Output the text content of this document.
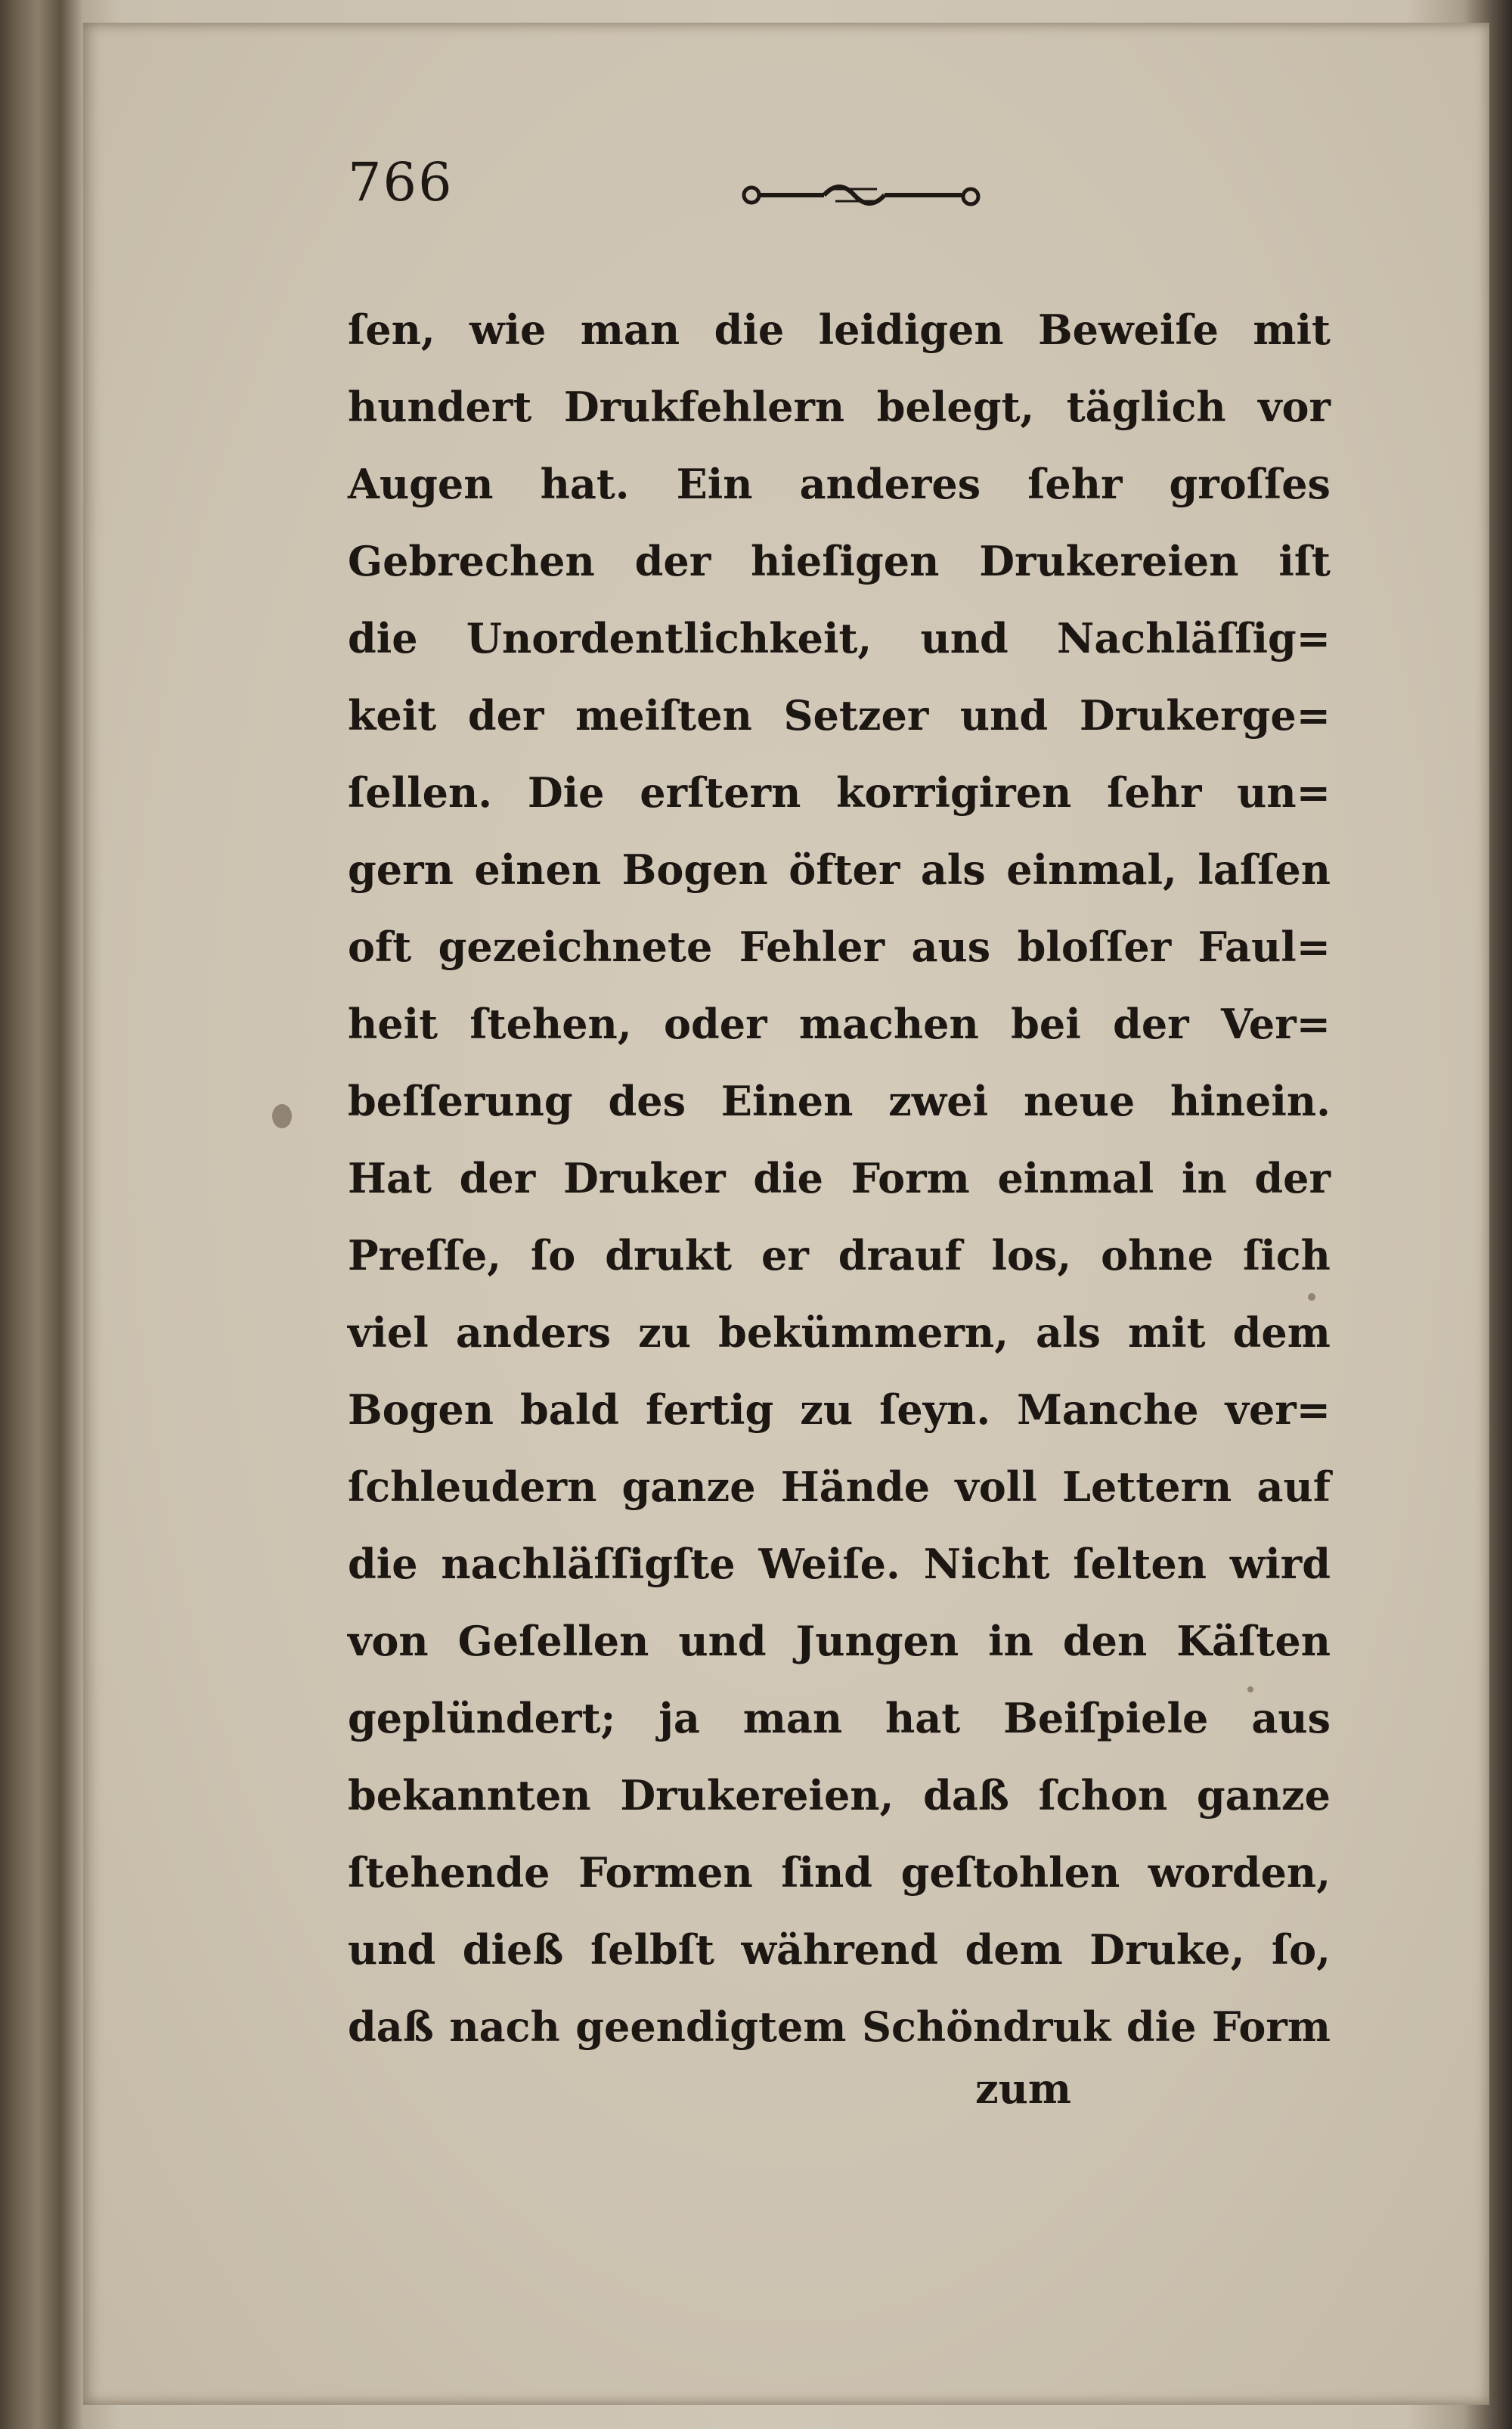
766
ſen, wie man die leidigen Beweiſe mit
hundert Drukfehlern belegt, täglich vor
Augen hat. Ein anderes ſehr groſſes
Gebrechen der hieſigen Drukereien iſt
die Unordentlichkeit, und Nachläſſig=
keit der meiſten Setzer und Drukerge=
ſellen. Die erſtern korrigiren ſehr un=
gern einen Bogen öfter als einmal, laſſen
oft gezeichnete Fehler aus bloſſer Faul=
heit ſtehen, oder machen bei der Ver=
beſſerung des Einen zwei neue hinein.
Hat der Druker die Form einmal in der
Preſſe, ſo drukt er drauf los, ohne ſich
viel anders zu bekümmern, als mit dem
Bogen bald fertig zu ſeyn. Manche ver=
ſchleudern ganze Hände voll Lettern auf
die nachläſſigſte Weiſe. Nicht ſelten wird
von Geſellen und Jungen in den Käſten
geplündert; ja man hat Beiſpiele aus
bekannten Drukereien, daß ſchon ganze
ſtehende Formen ſind geſtohlen worden,
und dieß ſelbſt während dem Druke, ſo,
daß nach geendigtem Schöndruk die Form
zum
